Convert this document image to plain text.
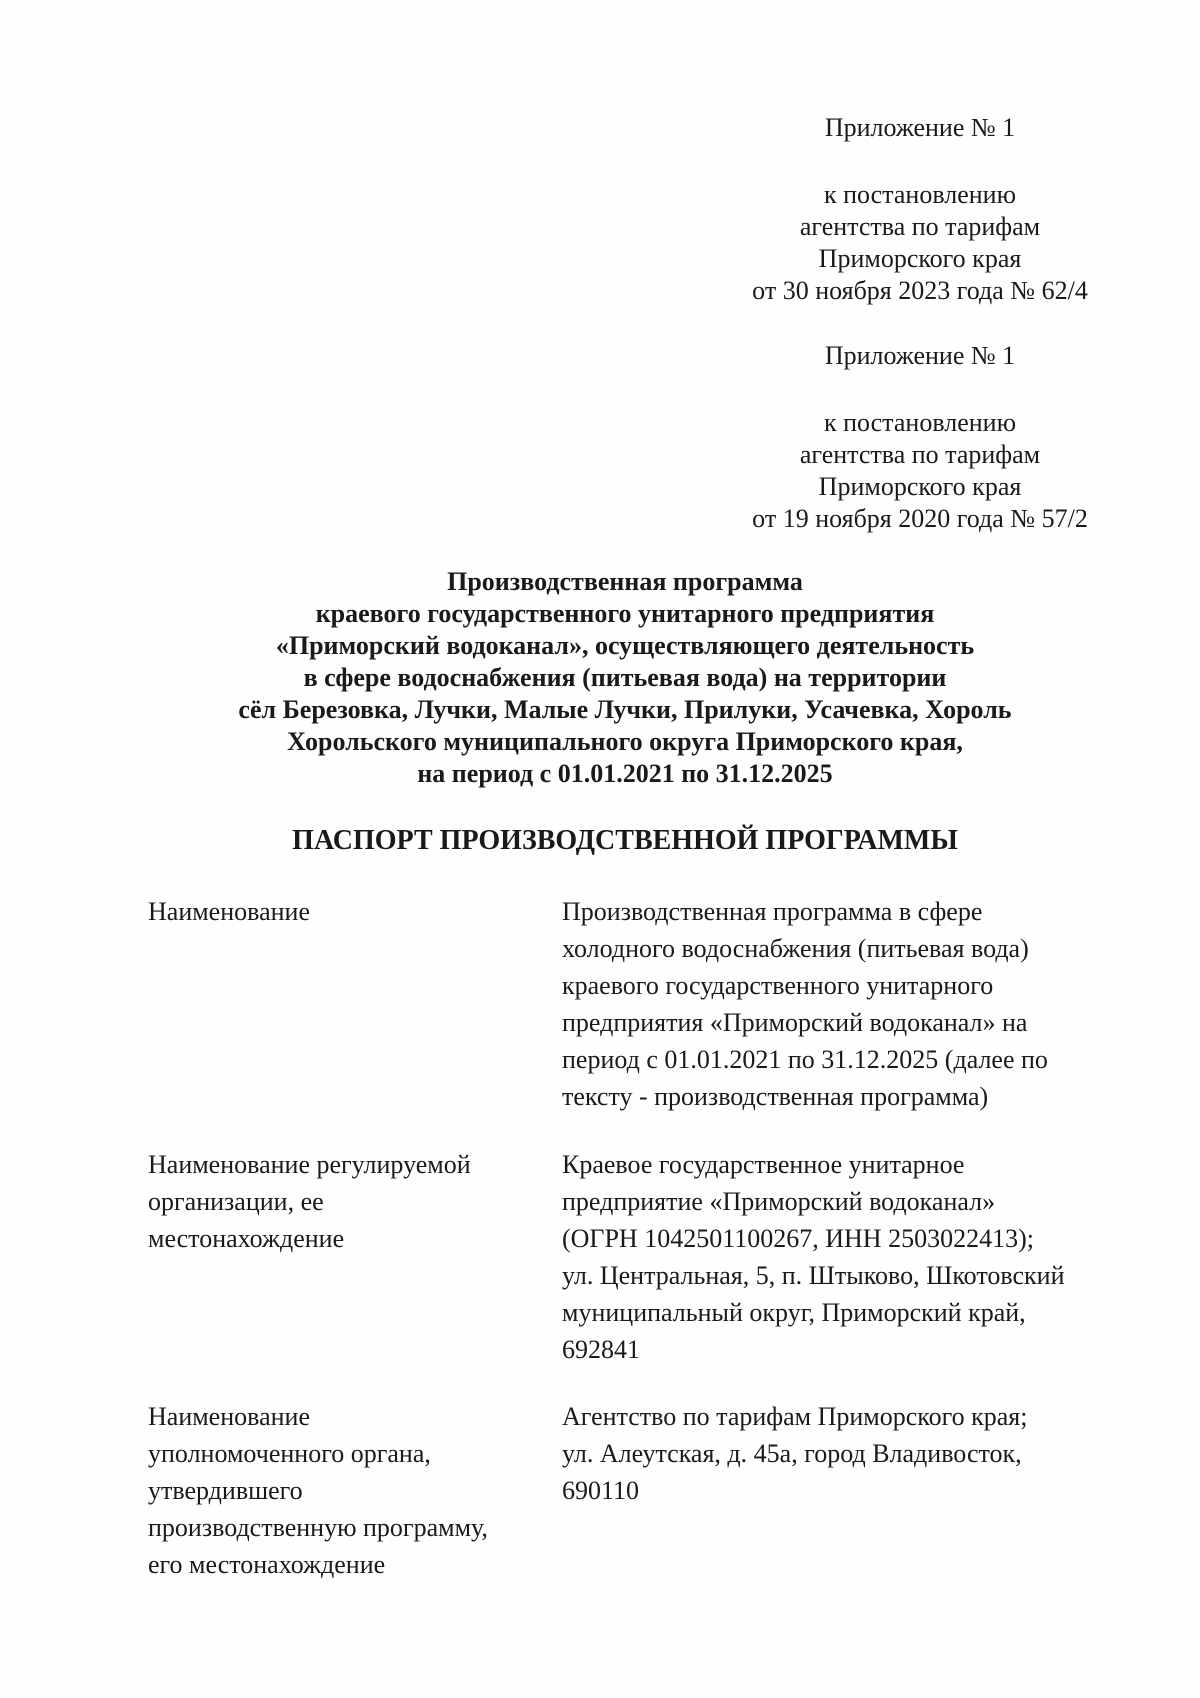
Приложение № 1
к постановлению
агентства по тарифам
Приморского края
от 30 ноября 2023 года № 62/4
Приложение № 1
к постановлению
агентства по тарифам
Приморского края
от 19 ноября 2020 года № 57/2
Производственная программа
краевого государственного унитарного предприятия
«Приморский водоканал», осуществляющего деятельность
в сфере водоснабжения (питьевая вода) на территории
сёл Березовка, Лучки, Малые Лучки, Прилуки, Усачевка, Хороль
Хорольского муниципального округа Приморского края,
на период с 01.01.2021 по 31.12.2025
ПАСПОРТ ПРОИЗВОДСТВЕННОЙ ПРОГРАММЫ
Наименование	Производственная программа в сфере
холодного водоснабжения (питьевая вода)
краевого государственного унитарного
предприятия «Приморский водоканал» на
период с 01.01.2021 по 31.12.2025 (далее по
тексту - производственная программа)
Наименование регулируемой
организации, ее
местонахождение
Краевое государственное унитарное
предприятие «Приморский водоканал»
(ОГРН 1042501100267, ИНН 2503022413);
ул. Центральная, 5, п. Штыково, Шкотовский
муниципальный округ, Приморский край,
692841
Наименование
уполномоченного органа,
утвердившего
производственную программу,
его местонахождение
Агентство по тарифам Приморского края;
ул. Алеутская, д. 45а, город Владивосток,
690110
